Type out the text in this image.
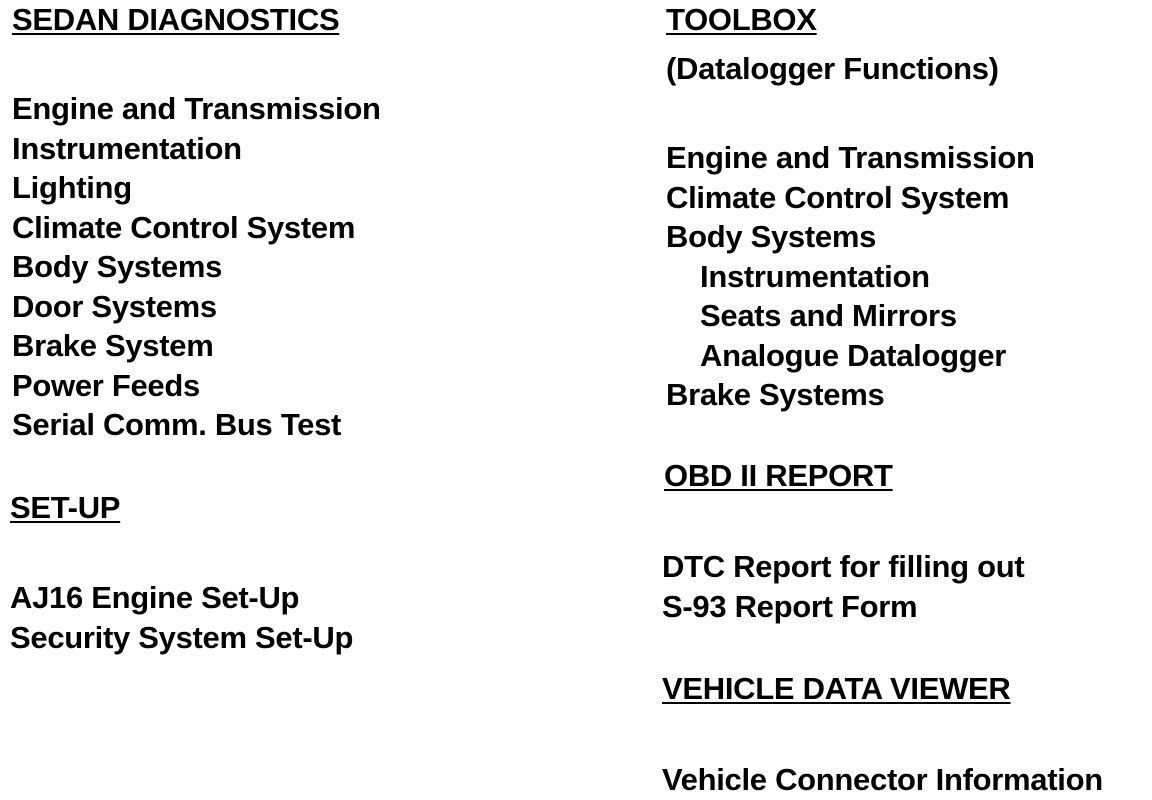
SEDAN DIAGNOSTICS
Engine and Transmission
Instrumentation
Lighting
Climate Control System
Body Systems
Door Systems
Brake System
Power Feeds
Serial Comm. Bus Test
SET-UP
AJ16 Engine Set-Up
Security System Set-Up
TOOLBOX
(Datalogger Functions)
Engine and Transmission
Climate Control System
Body Systems
Instrumentation
Seats and Mirrors
Analogue Datalogger
Brake Systems
OBD II REPORT
DTC Report for filling out
S-93 Report Form
VEHICLE DATA VIEWER
Vehicle Connector Information
